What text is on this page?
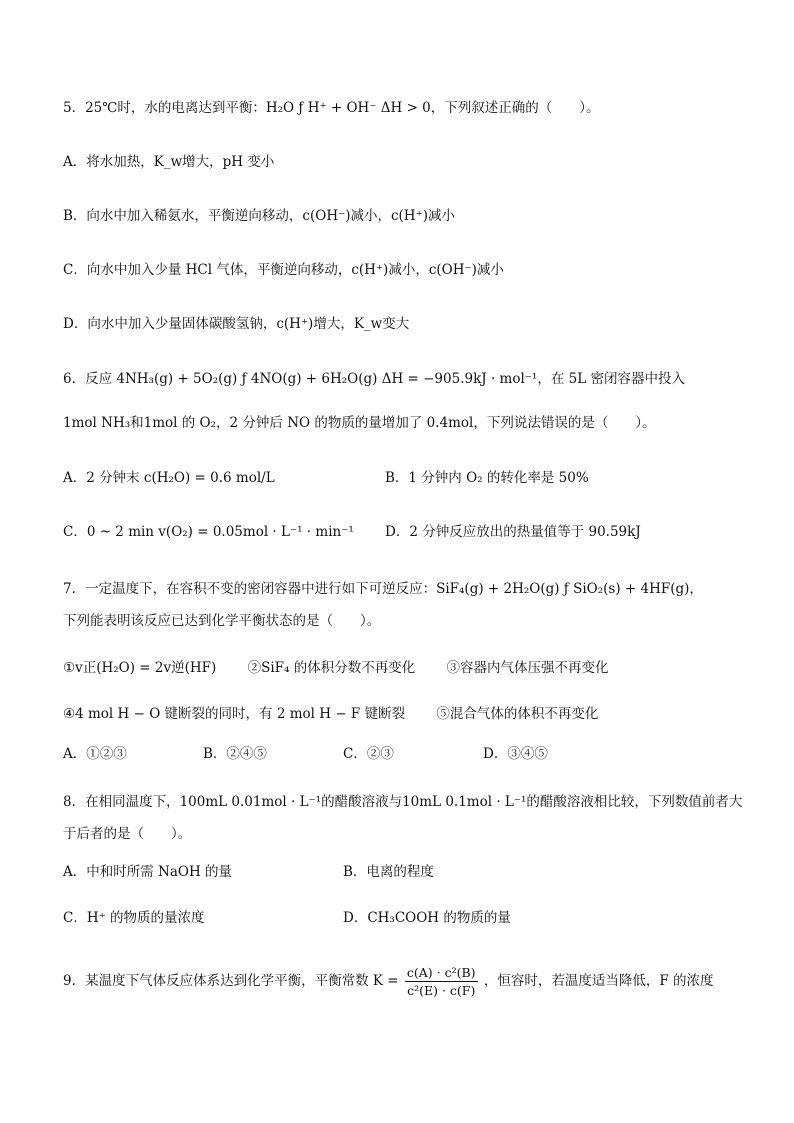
5．25℃时，水的电离达到平衡：H₂O ƒ H⁺ + OH⁻ ΔH > 0，下列叙述正确的（　　）。
A．将水加热，K_w增大，pH 变小
B．向水中加入稀氨水，平衡逆向移动，c(OH⁻)减小，c(H⁺)减小
C．向水中加入少量 HCl 气体，平衡逆向移动，c(H⁺)减小，c(OH⁻)减小
D．向水中加入少量固体碳酸氢钠，c(H⁺)增大，K_w变大
6．反应 4NH₃(g) + 5O₂(g) ƒ 4NO(g) + 6H₂O(g) ΔH = −905.9kJ · mol⁻¹，在 5L 密闭容器中投入
1mol NH₃和1mol 的 O₂，2 分钟后 NO 的物质的量增加了 0.4mol，下列说法错误的是（　　）。
A．2 分钟末 c(H₂O) = 0.6 mol/L	B．1 分钟内 O₂ 的转化率是 50%
C．0 ~ 2 min v(O₂) = 0.05mol · L⁻¹ · min⁻¹ D．2 分钟反应放出的热量值等于 90.59kJ
7．一定温度下，在容积不变的密闭容器中进行如下可逆反应：SiF₄(g) + 2H₂O(g) ƒ SiO₂(s) + 4HF(g)，
下列能表明该反应已达到化学平衡状态的是（　　）。
①v正(H₂O) = 2v逆(HF)　　 ②SiF₄ 的体积分数不再变化　　 ③容器内气体压强不再变化
④4 mol H − O 键断裂的同时，有 2 mol H − F 键断裂　　 ⑤混合气体的体积不再变化
A．①②③	B．②④⑤	C．②③	D．③④⑤
8．在相同温度下，100mL 0.01mol · L⁻¹的醋酸溶液与10mL 0.1mol · L⁻¹的醋酸溶液相比较，下列数值前者大
于后者的是（　　）。
A．中和时所需 NaOH 的量	B．电离的程度
C．H⁺ 的物质的量浓度	D．CH₃COOH 的物质的量
9．某温度下气体反应体系达到化学平衡，平衡常数 $K = \frac{\text{c(A) · c²(B)}}{\text{c²(E) · c(F)}}$ ，恒容时，若温度适当降低，F 的浓度
